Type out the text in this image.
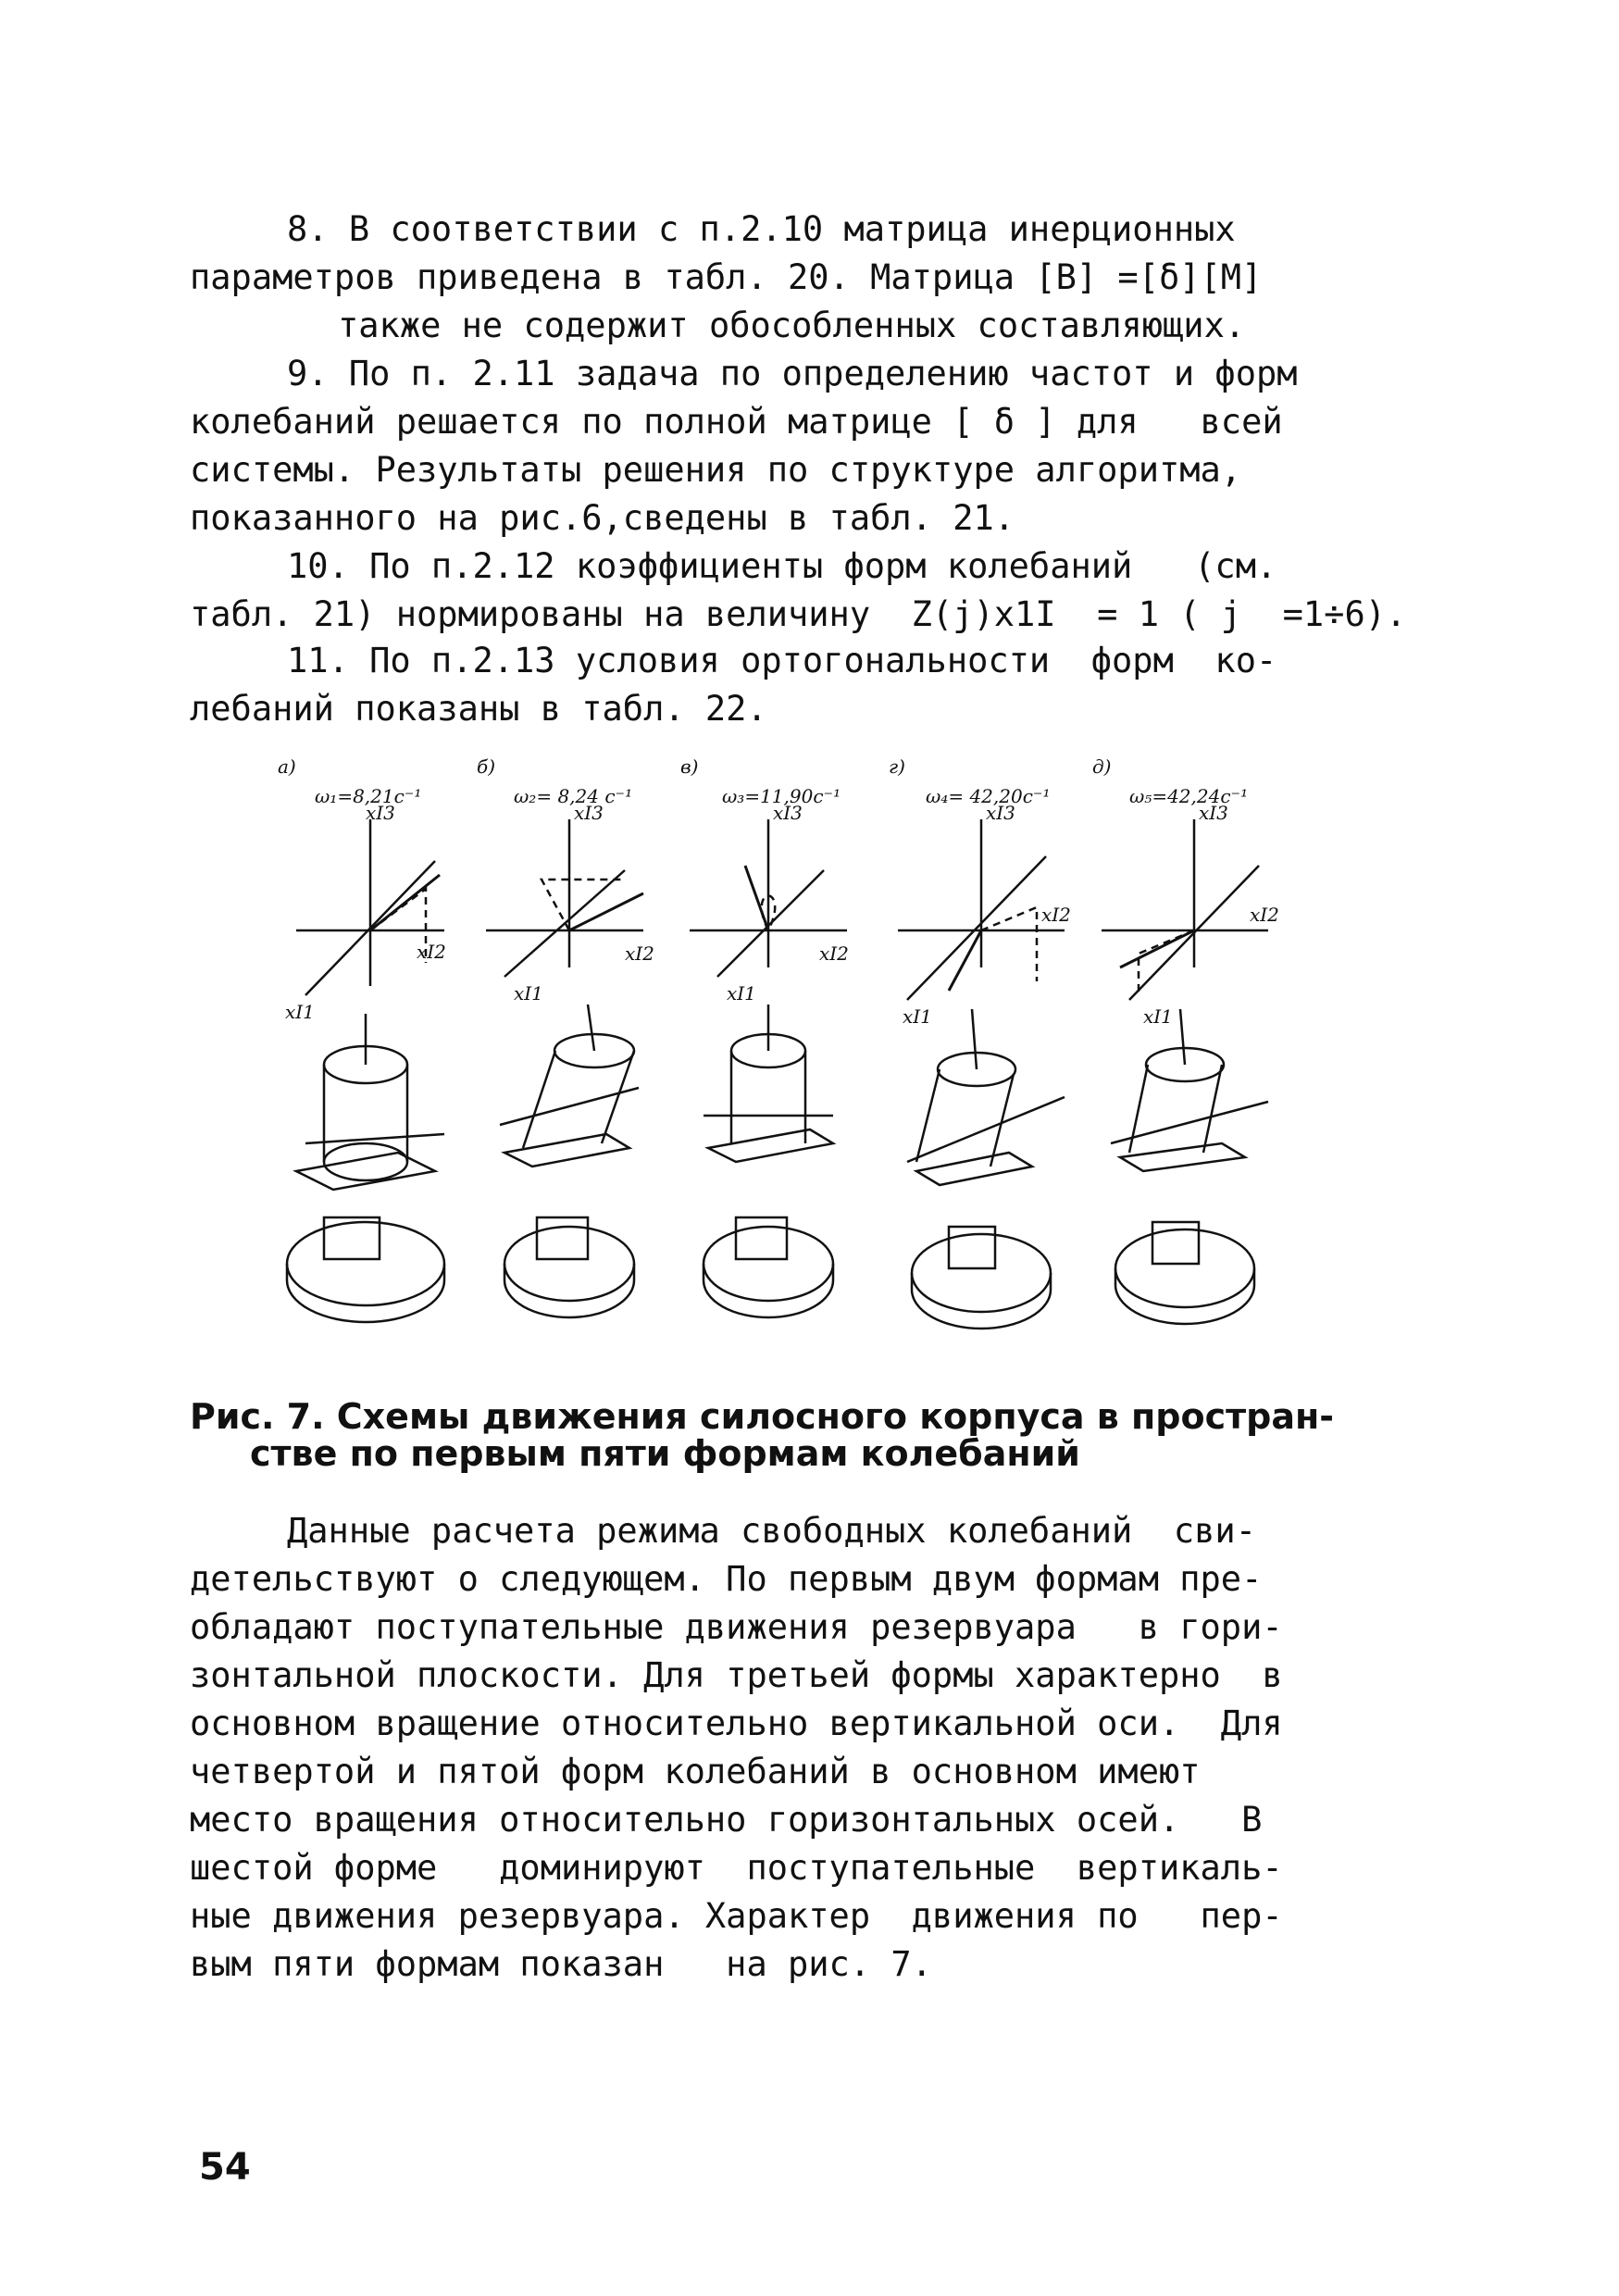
8. В соответствии с п.2.10 матрица инерционных
параметров приведена в табл. 20. Матрица [B] =[δ][M]
также не содержит обособленных составляющих.
9. По п. 2.11 задача по определению частот и форм
колебаний решается по полной матрице [ δ ] для   всей
системы. Результаты решения по структуре алгоритма,
показанного на рис.6,сведены в табл. 21.
10. По п.2.12 коэффициенты форм колебаний   (см.
табл. 21) нормированы на величину  Z(j)x1I  = 1 ( j  =1÷6).
11. По п.2.13 условия ортогональности  форм  ко-
лебаний показаны в табл. 22.
а)
ω₁=8,21c⁻¹
xI3
xI2
xI1
б)
ω₂= 8,24 c⁻¹
xI3
xI2
xI1
в)
ω₃=11,90c⁻¹
xI3
xI2
xI1
г)
ω₄= 42,20c⁻¹
xI3
xI2
xI1
д)
ω₅=42,24c⁻¹
xI3
xI2
xI1
Рис. 7. Схемы движения силосного корпуса в простран-
стве по первым пяти формам колебаний
Данные расчета режима свободных колебаний  сви-
детельствуют о следующем. По первым двум формам пре-
обладают поступательные движения резервуара   в гори-
зонтальной плоскости. Для третьей формы характерно  в
основном вращение относительно вертикальной оси.  Для
четвертой и пятой форм колебаний в основном имеют
место вращения относительно горизонтальных осей.   В
шестой форме   доминируют  поступательные  вертикаль-
ные движения резервуара. Характер  движения по   пер-
вым пяти формам показан   на рис. 7.
54
